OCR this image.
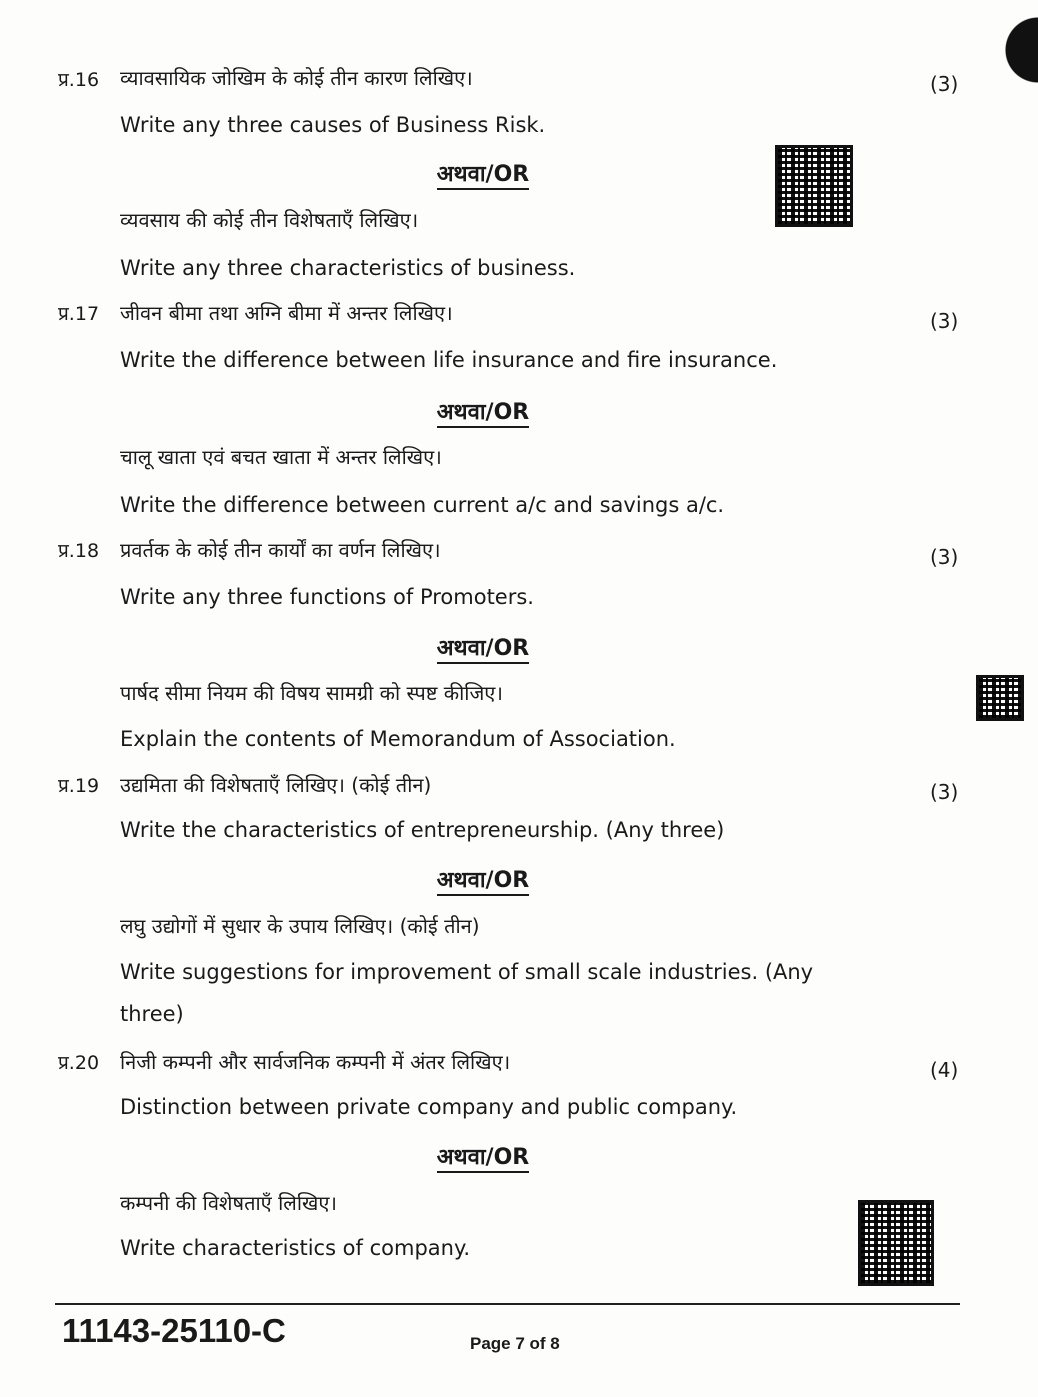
प्र.16 व्यावसायिक जोखिम के कोई तीन कारण लिखिए।	(3)
Write any three causes of Business Risk.
अथवा/OR
व्यवसाय की कोई तीन विशेषताएँ लिखिए।
Write any three characteristics of business.
प्र.17 जीवन बीमा तथा अग्नि बीमा में अन्तर लिखिए।	(3)
Write the difference between life insurance and fire insurance.
अथवा/OR
चालू खाता एवं बचत खाता में अन्तर लिखिए।
Write the difference between current a/c and savings a/c.
प्र.18 प्रवर्तक के कोई तीन कार्यों का वर्णन लिखिए।	(3)
Write any three functions of Promoters.
अथवा/OR
पार्षद सीमा नियम की विषय सामग्री को स्पष्ट कीजिए।
Explain the contents of Memorandum of Association.
प्र.19 उद्यमिता की विशेषताएँ लिखिए। (कोई तीन)	(3)
Write the characteristics of entrepreneurship. (Any three)
अथवा/OR
लघु उद्योगों में सुधार के उपाय लिखिए। (कोई तीन)
Write suggestions for improvement of small scale industries. (Any
three)
प्र.20 निजी कम्पनी और सार्वजनिक कम्पनी में अंतर लिखिए।	(4)
Distinction between private company and public company.
अथवा/OR
कम्पनी की विशेषताएँ लिखिए।
Write characteristics of company.
11143-25110-C	Page 7 of 8
